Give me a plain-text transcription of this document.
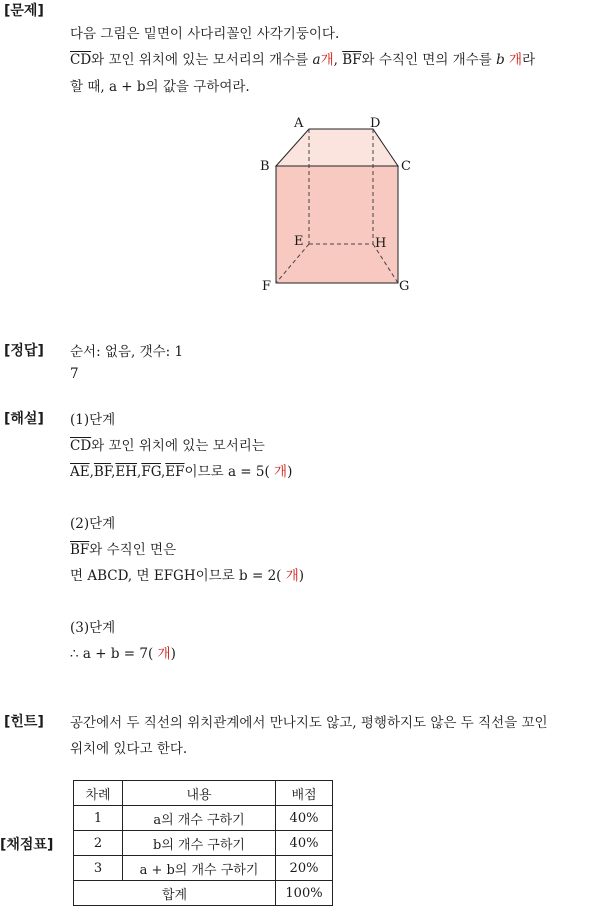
[문제]
다음 그림은 밑면이 사다리꼴인 사각기둥이다.
$\overline{CD}$와 꼬인 위치에 있는 모서리의 개수를 a개, $\overline{BF}$와 수직인 면의 개수를 b 개라
할 때, a + b의 값을 구하여라.
A	D
B	C
E	H
F	G
[정답] 순서: 없음, 갯수: 1
7
[해설] (1)단계
$\overline{CD}$와 꼬인 위치에 있는 모서리는
$\overline{AE},\overline{BF},\overline{EH},\overline{FG},\overline{EF}$이므로 a = 5( 개)
(2)단계
$\overline{BF}$와 수직인 면은
면 ABCD, 면 EFGH이므로 b = 2( 개)
(3)단계
∴ a + b = 7( 개)
[힌트] 공간에서 두 직선의 위치관계에서 만나지도 않고, 평행하지도 않은 두 직선을 꼬인
위치에 있다고 한다.
[채점표]
차례	내용	배점
1	a의 개수 구하기	40%
2	b의 개수 구하기	40%
3	a + b의 개수 구하기	20%
합계		100%
